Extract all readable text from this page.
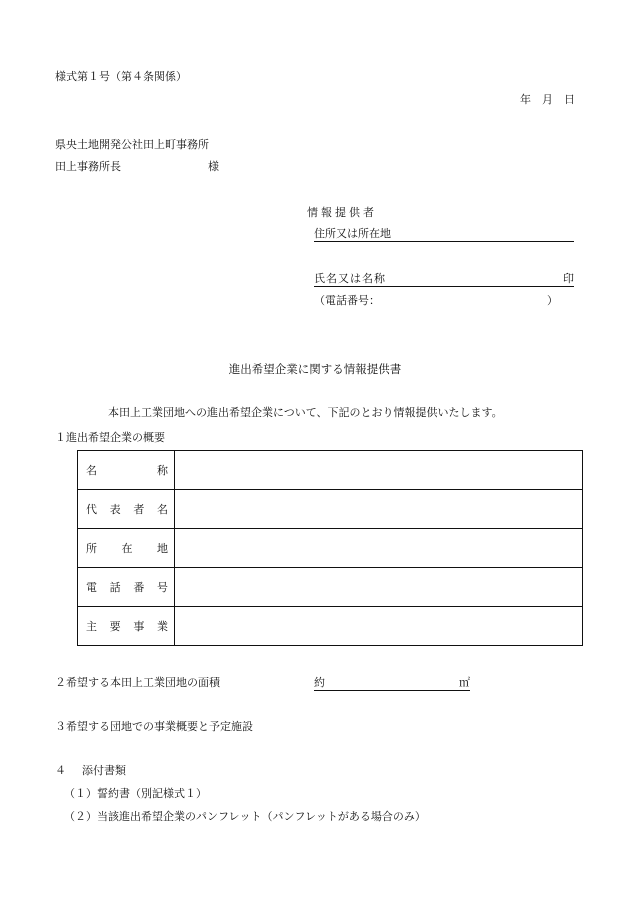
様式第１号（第４条関係）
年　月　日
県央土地開発公社田上町事務所
田上事務所長	様
情報提供者
住所又は所在地
氏名又は名称	印
（電話番号：	）
進出希望企業に関する情報提供書
本田上工業団地への進出希望企業について、下記のとおり情報提供いたします。
１進出希望企業の概要
名称	

代表者名	

所在地	

電話番号	

主要事業	

２希望する本田上工業団地の面積	約	㎡
３希望する団地での事業概要と予定施設
４ 添付書類
（１）誓約書（別記様式１）
（２）当該進出希望企業のパンフレット（パンフレットがある場合のみ）
